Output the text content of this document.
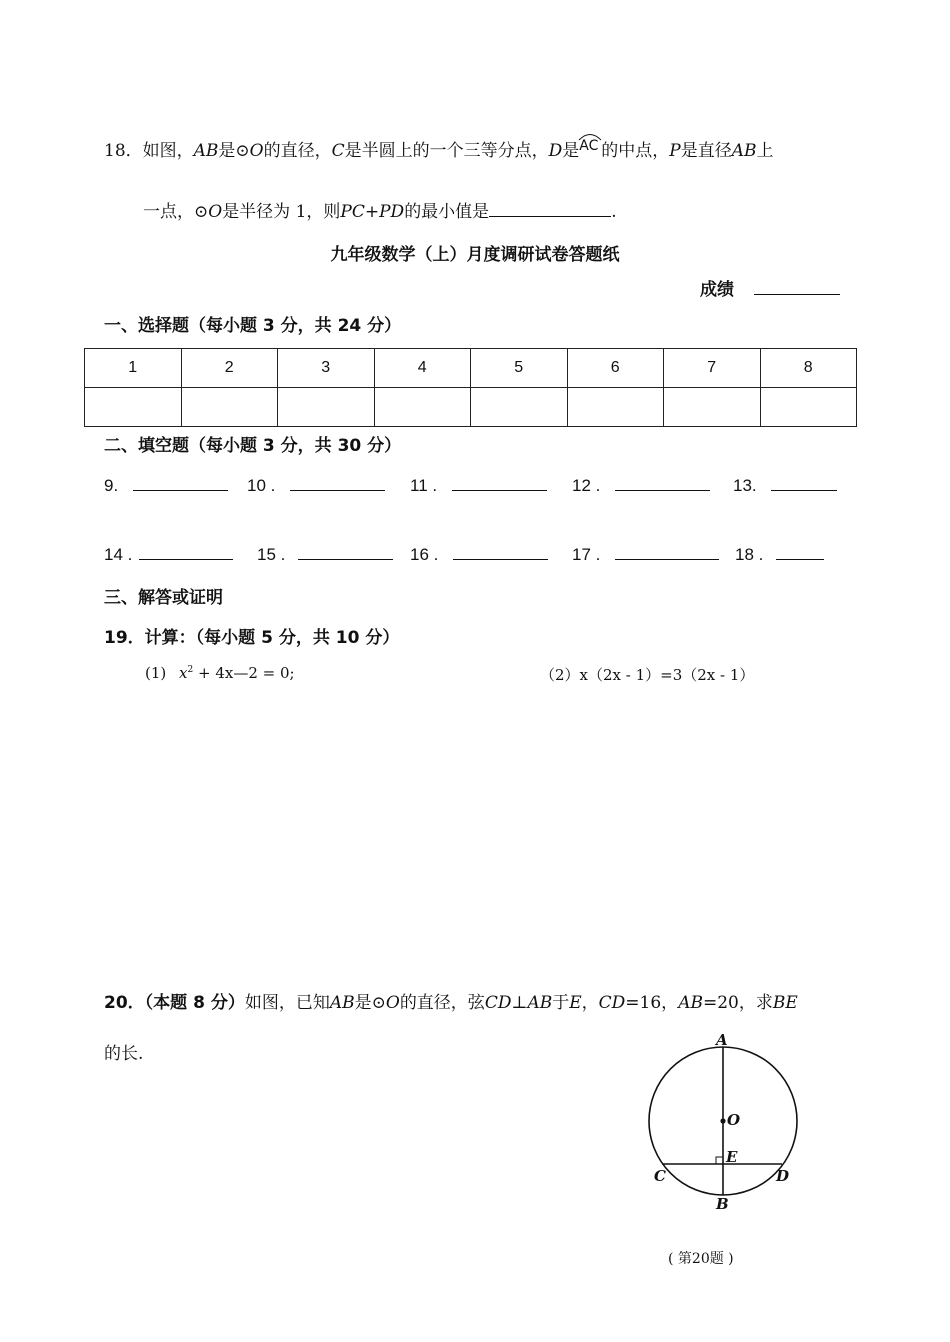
18．如图，AB是⊙O的直径，C是半圆上的一个三等分点，D是 AC 的中点，P是直径AB上
一点，⊙O是半径为 1，则PC+PD的最小值是	.
九年级数学（上）月度调研试卷答题纸
成绩
一、选择题（每小题 3 分，共 24 分）
1	2	3	4	5	6	7	8

二、填空题（每小题 3 分，共 30 分）
9.	10 .	11 .	12 .	13.
14 .	15 .	16 .	17 .	18 .
三、解答或证明
19．计算：（每小题 5 分，共 10 分）
(1) $x^2$ + 4x—2 = 0;	（2）x（2x - 1）=3（2x - 1）
20．（本题 8 分）如图，已知AB是⊙O的直径，弦CD⊥AB于E，CD=16，AB=20，求BE
的长.
A
O
E
C	D
B
( 第20题 )
